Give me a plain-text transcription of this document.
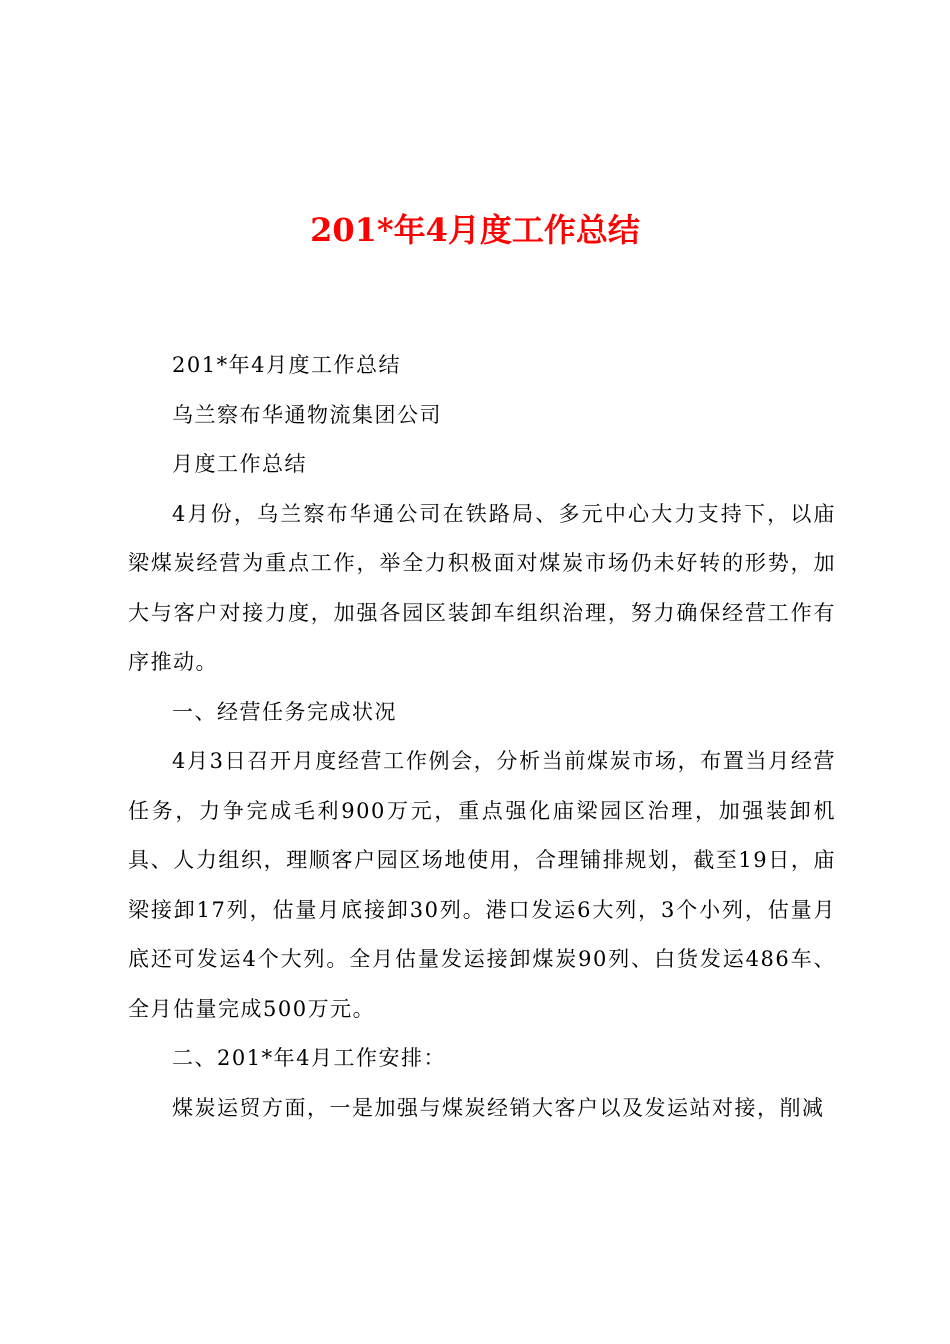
201*年4月度工作总结

201*年4月度工作总结

乌兰察布华通物流集团公司

月度工作总结

4月份，乌兰察布华通公司在铁路局、多元中心大力支持下，以庙梁煤炭经营为重点工作，举全力积极面对煤炭市场仍未好转的形势，加大与客户对接力度，加强各园区装卸车组织治理，努力确保经营工作有序推动。

一、经营任务完成状况

4月3日召开月度经营工作例会，分析当前煤炭市场，布置当月经营任务，力争完成毛利900万元，重点强化庙梁园区治理，加强装卸机具、人力组织，理顺客户园区场地使用，合理铺排规划，截至19日，庙梁接卸17列，估量月底接卸30列。港口发运6大列，3个小列，估量月底还可发运4个大列。全月估量发运接卸煤炭90列、白货发运486车、全月估量完成500万元。

二、201*年4月工作安排：

煤炭运贸方面，一是加强与煤炭经销大客户以及发运站对接，削减
